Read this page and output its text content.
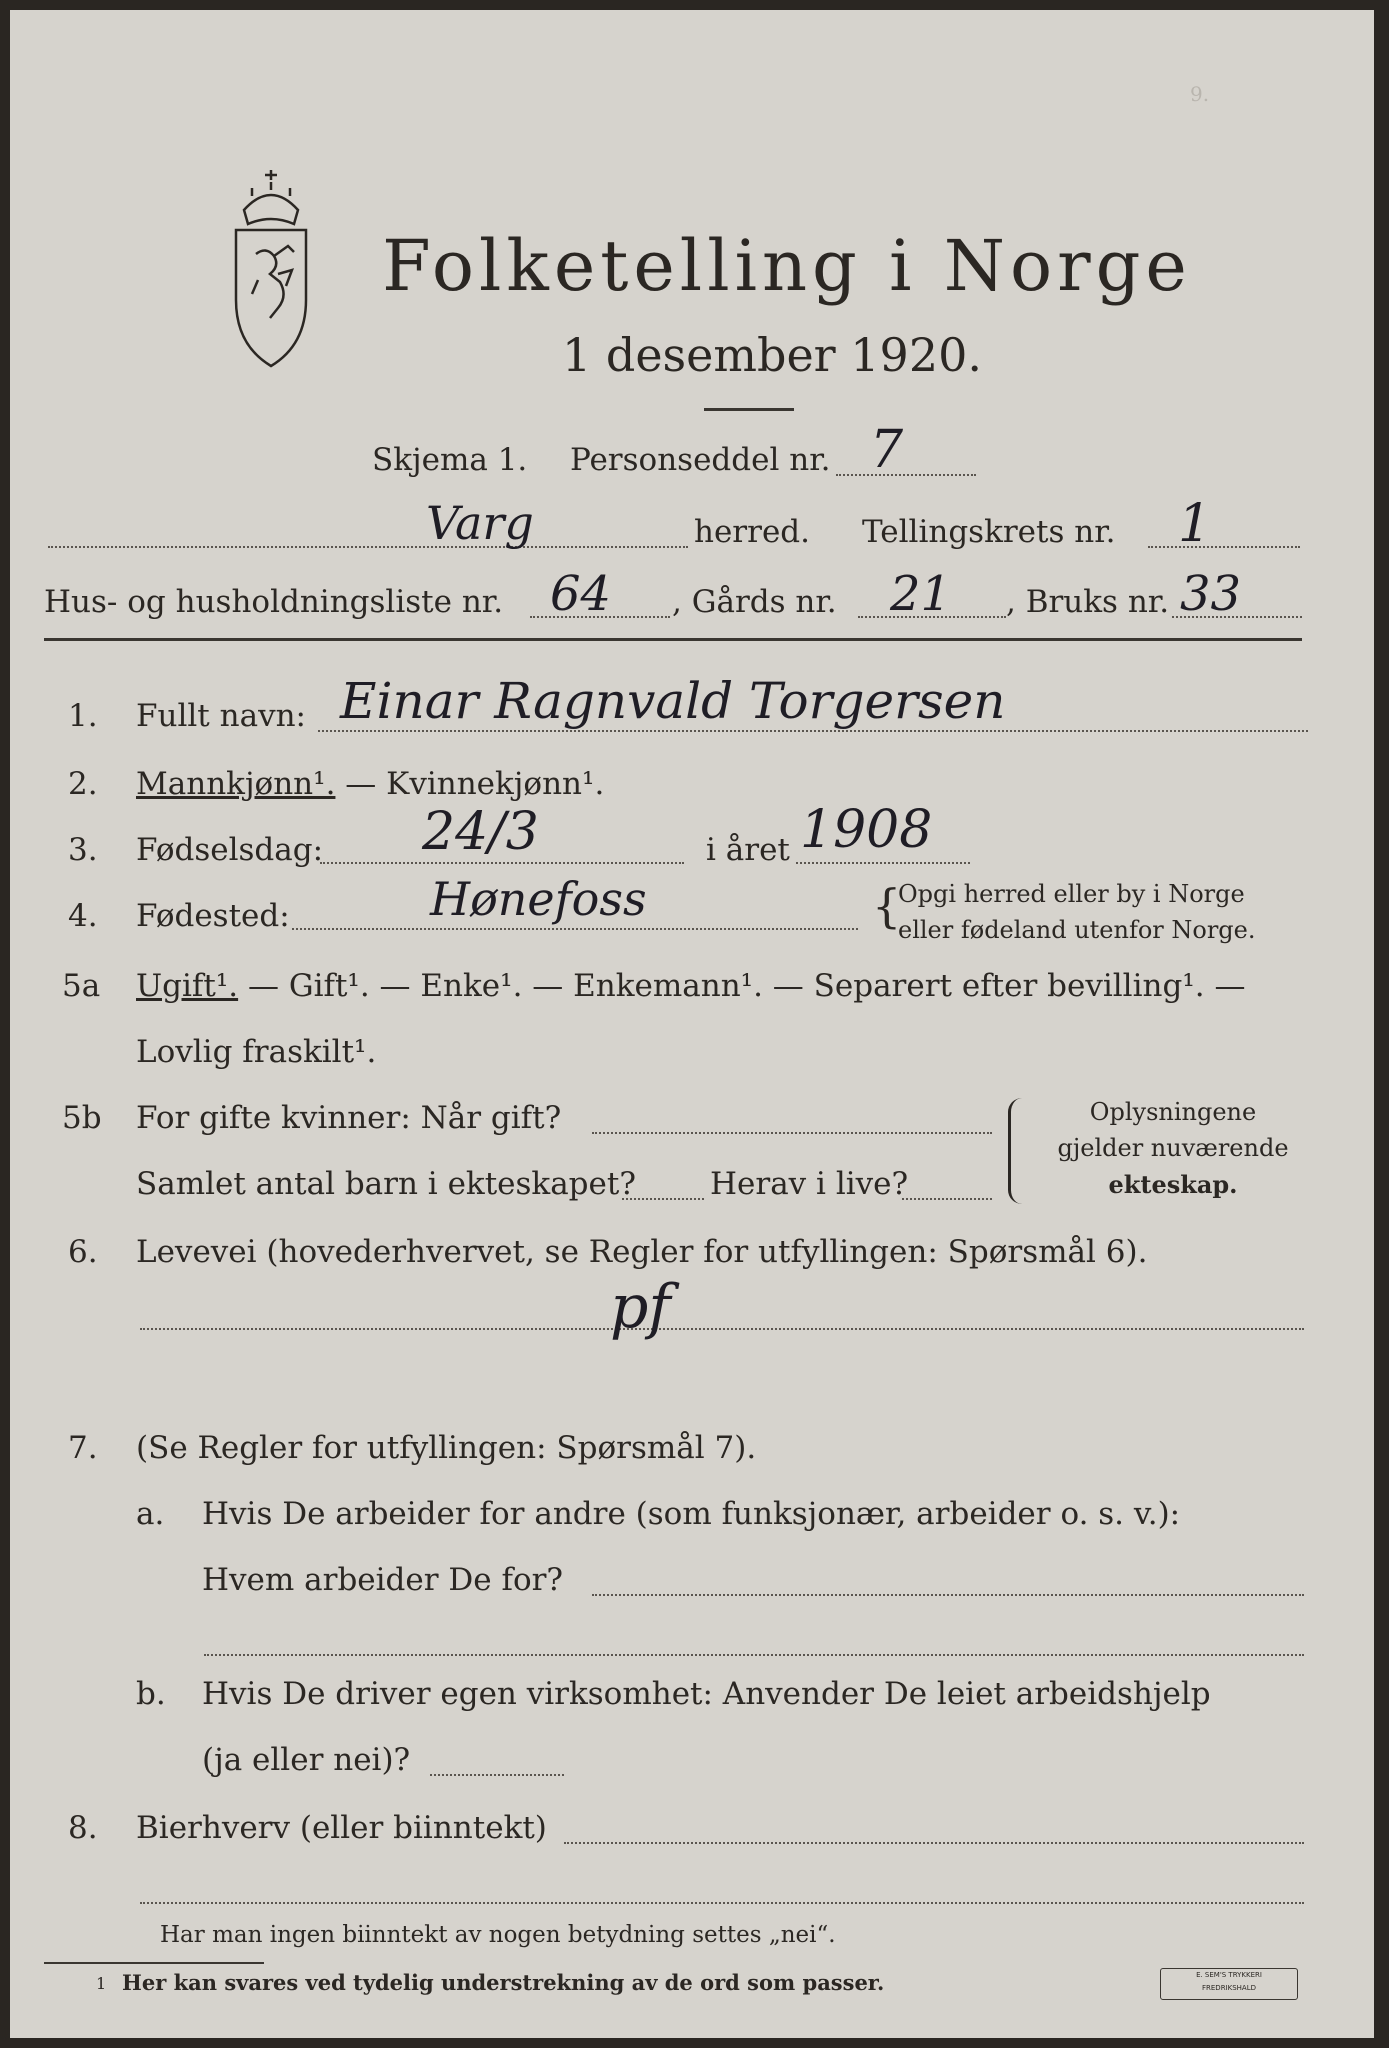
9.
Folketelling i Norge
1 desember 1920.
Skjema 1. Personseddel nr. 7
Varg	herred. Tellingskrets nr. 1
Hus- og husholdningsliste nr. 64 , Gårds nr. 21 , Bruks nr. 33
1. Fullt navn: Einar Ragnvald Torgersen
2. Mannkjønn¹. — Kvinnekjønn¹.
3. Fødselsdag: 24/3	i året 1908
4. Fødested:	Hønefoss	{
Opgi herred eller by i Norge
eller fødeland utenfor Norge.
5a Ugift¹. — Gift¹. — Enke¹. — Enkemann¹. — Separert efter bevilling¹. —
Lovlig fraskilt¹.
5b For gifte kvinner: Når gift?
Samlet antal barn i ekteskapet? Herav i live?
Oplysningene
gjelder nuværende
ekteskap.
6. Levevei (hovederhvervet, se Regler for utfyllingen: Spørsmål 6).
pf
7. (Se Regler for utfyllingen: Spørsmål 7).
a. Hvis De arbeider for andre (som funksjonær, arbeider o. s. v.):
Hvem arbeider De for?
b. Hvis De driver egen virksomhet: Anvender De leiet arbeidshjelp
(ja eller nei)?
8. Bierhverv (eller biinntekt)
Har man ingen biinntekt av nogen betydning settes „nei“.
1 Her kan svares ved tydelig understrekning av de ord som passer.	E. SEM'S TRYKKERI
FREDRIKSHALD
